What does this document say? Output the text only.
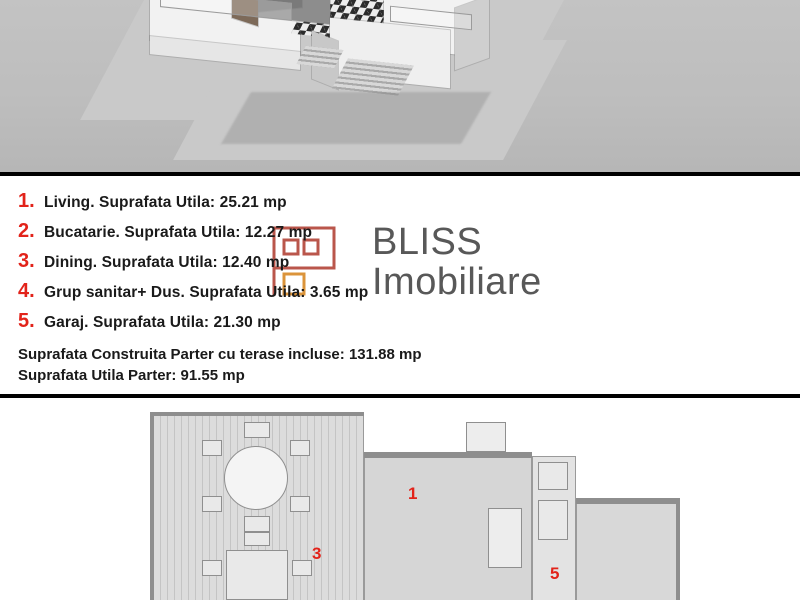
BLISS
Imobiliare
1. Living. Suprafata Utila: 25.21 mp
2. Bucatarie. Suprafata Utila: 12.27 mp
3. Dining. Suprafata Utila: 12.40 mp
4. Grup sanitar+ Dus. Suprafata Utila: 3.65 mp
5. Garaj. Suprafata Utila: 21.30 mp
Suprafata Construita Parter cu terase incluse: 131.88 mp
Suprafata Utila Parter: 91.55 mp
1
3
5
